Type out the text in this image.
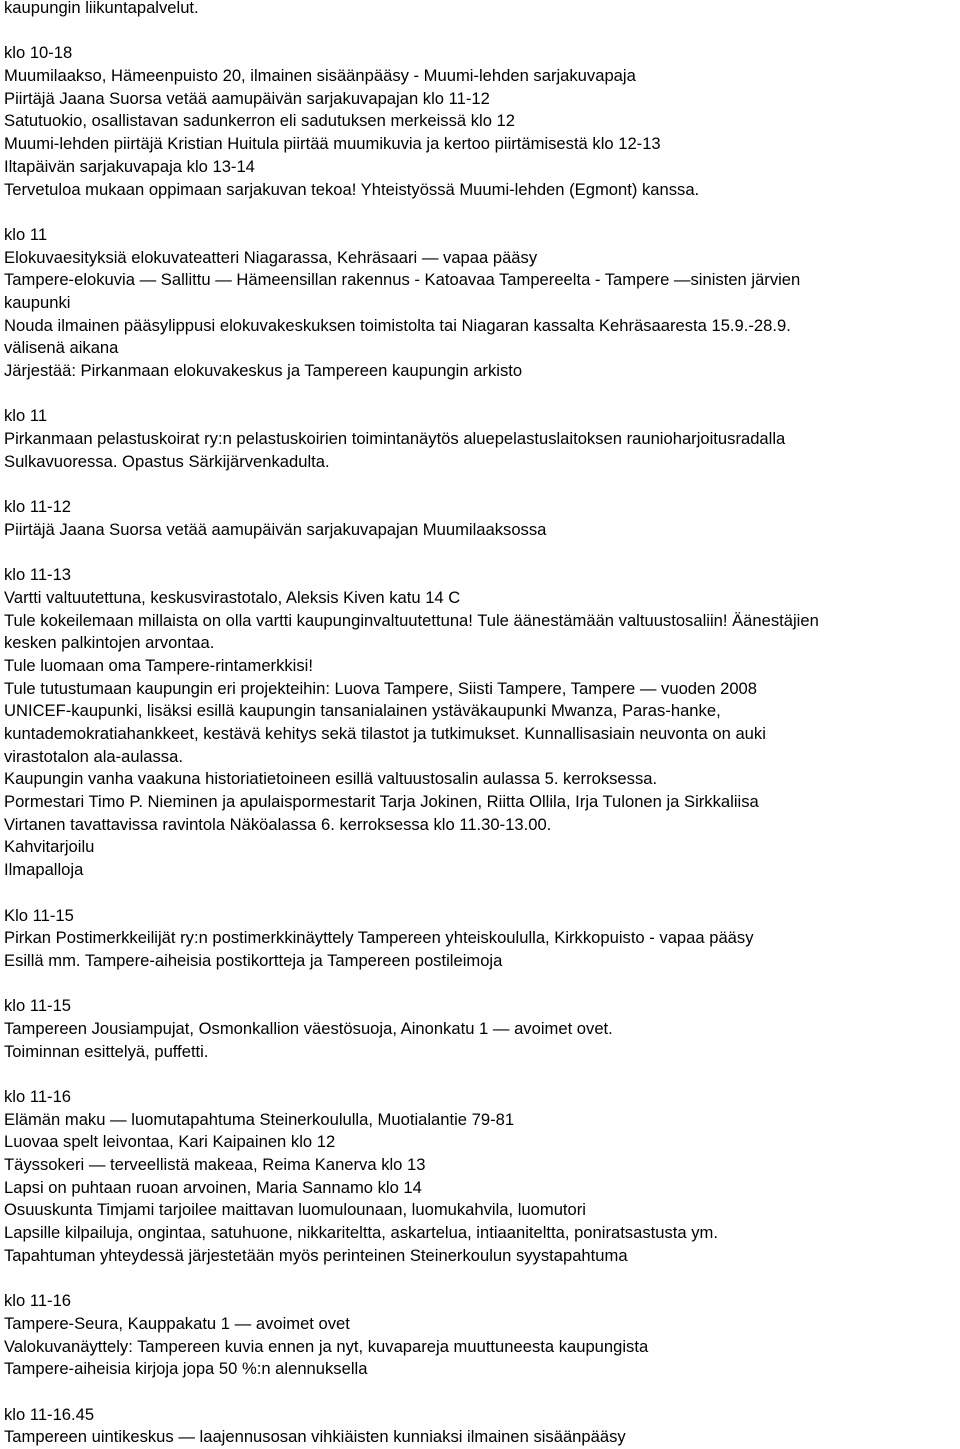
kaupungin liikuntapalvelut.
klo 10-18
Muumilaakso, Hämeenpuisto 20, ilmainen sisäänpääsy - Muumi-lehden sarjakuvapaja
Piirtäjä Jaana Suorsa vetää aamupäivän sarjakuvapajan klo 11-12
Satutuokio, osallistavan sadunkerron eli sadutuksen merkeissä klo 12
Muumi-lehden piirtäjä Kristian Huitula piirtää muumikuvia ja kertoo piirtämisestä klo 12-13
Iltapäivän sarjakuvapaja klo 13-14
Tervetuloa mukaan oppimaan sarjakuvan tekoa! Yhteistyössä Muumi-lehden (Egmont) kanssa.
klo 11
Elokuvaesityksiä elokuvateatteri Niagarassa, Kehräsaari — vapaa pääsy
Tampere-elokuvia — Sallittu — Hämeensillan rakennus - Katoavaa Tampereelta - Tampere —sinisten järvien
kaupunki
Nouda ilmainen pääsylippusi elokuvakeskuksen toimistolta tai Niagaran kassalta Kehräsaaresta 15.9.-28.9.
välisenä aikana
Järjestää: Pirkanmaan elokuvakeskus ja Tampereen kaupungin arkisto
klo 11
Pirkanmaan pelastuskoirat ry:n pelastuskoirien toimintanäytös aluepelastuslaitoksen raunioharjoitusradalla
Sulkavuoressa. Opastus Särkijärvenkadulta.
klo 11-12
Piirtäjä Jaana Suorsa vetää aamupäivän sarjakuvapajan Muumilaaksossa
klo 11-13
Vartti valtuutettuna, keskusvirastotalo, Aleksis Kiven katu 14 C
Tule kokeilemaan millaista on olla vartti kaupunginvaltuutettuna! Tule äänestämään valtuustosaliin! Äänestäjien
kesken palkintojen arvontaa.
Tule luomaan oma Tampere-rintamerkkisi!
Tule tutustumaan kaupungin eri projekteihin: Luova Tampere, Siisti Tampere, Tampere — vuoden 2008
UNICEF-kaupunki, lisäksi esillä kaupungin tansanialainen ystäväkaupunki Mwanza, Paras-hanke,
kuntademokratiahankkeet, kestävä kehitys sekä tilastot ja tutkimukset. Kunnallisasiain neuvonta on auki
virastotalon ala-aulassa.
Kaupungin vanha vaakuna historiatietoineen esillä valtuustosalin aulassa 5. kerroksessa.
Pormestari Timo P. Nieminen ja apulaispormestarit Tarja Jokinen, Riitta Ollila, Irja Tulonen ja Sirkkaliisa
Virtanen tavattavissa ravintola Näköalassa 6. kerroksessa klo 11.30-13.00.
Kahvitarjoilu
Ilmapalloja
Klo 11-15
Pirkan Postimerkkeilijät ry:n postimerkkinäyttely Tampereen yhteiskoululla, Kirkkopuisto - vapaa pääsy
Esillä mm. Tampere-aiheisia postikortteja ja Tampereen postileimoja
klo 11-15
Tampereen Jousiampujat, Osmonkallion väestösuoja, Ainonkatu 1 — avoimet ovet.
Toiminnan esittelyä, puffetti.
klo 11-16
Elämän maku — luomutapahtuma Steinerkoululla, Muotialantie 79-81
Luovaa spelt leivontaa, Kari Kaipainen klo 12
Täyssokeri — terveellistä makeaa, Reima Kanerva klo 13
Lapsi on puhtaan ruoan arvoinen, Maria Sannamo klo 14
Osuuskunta Timjami tarjoilee maittavan luomulounaan, luomukahvila, luomutori
Lapsille kilpailuja, ongintaa, satuhuone, nikkariteltta, askartelua, intiaaniteltta, poniratsastusta ym.
Tapahtuman yhteydessä järjestetään myös perinteinen Steinerkoulun syystapahtuma
klo 11-16
Tampere-Seura, Kauppakatu 1 — avoimet ovet
Valokuvanäyttely: Tampereen kuvia ennen ja nyt, kuvapareja muuttuneesta kaupungista
Tampere-aiheisia kirjoja jopa 50 %:n alennuksella
klo 11-16.45
Tampereen uintikeskus — laajennusosan vihkiäisten kunniaksi ilmainen sisäänpääsy
